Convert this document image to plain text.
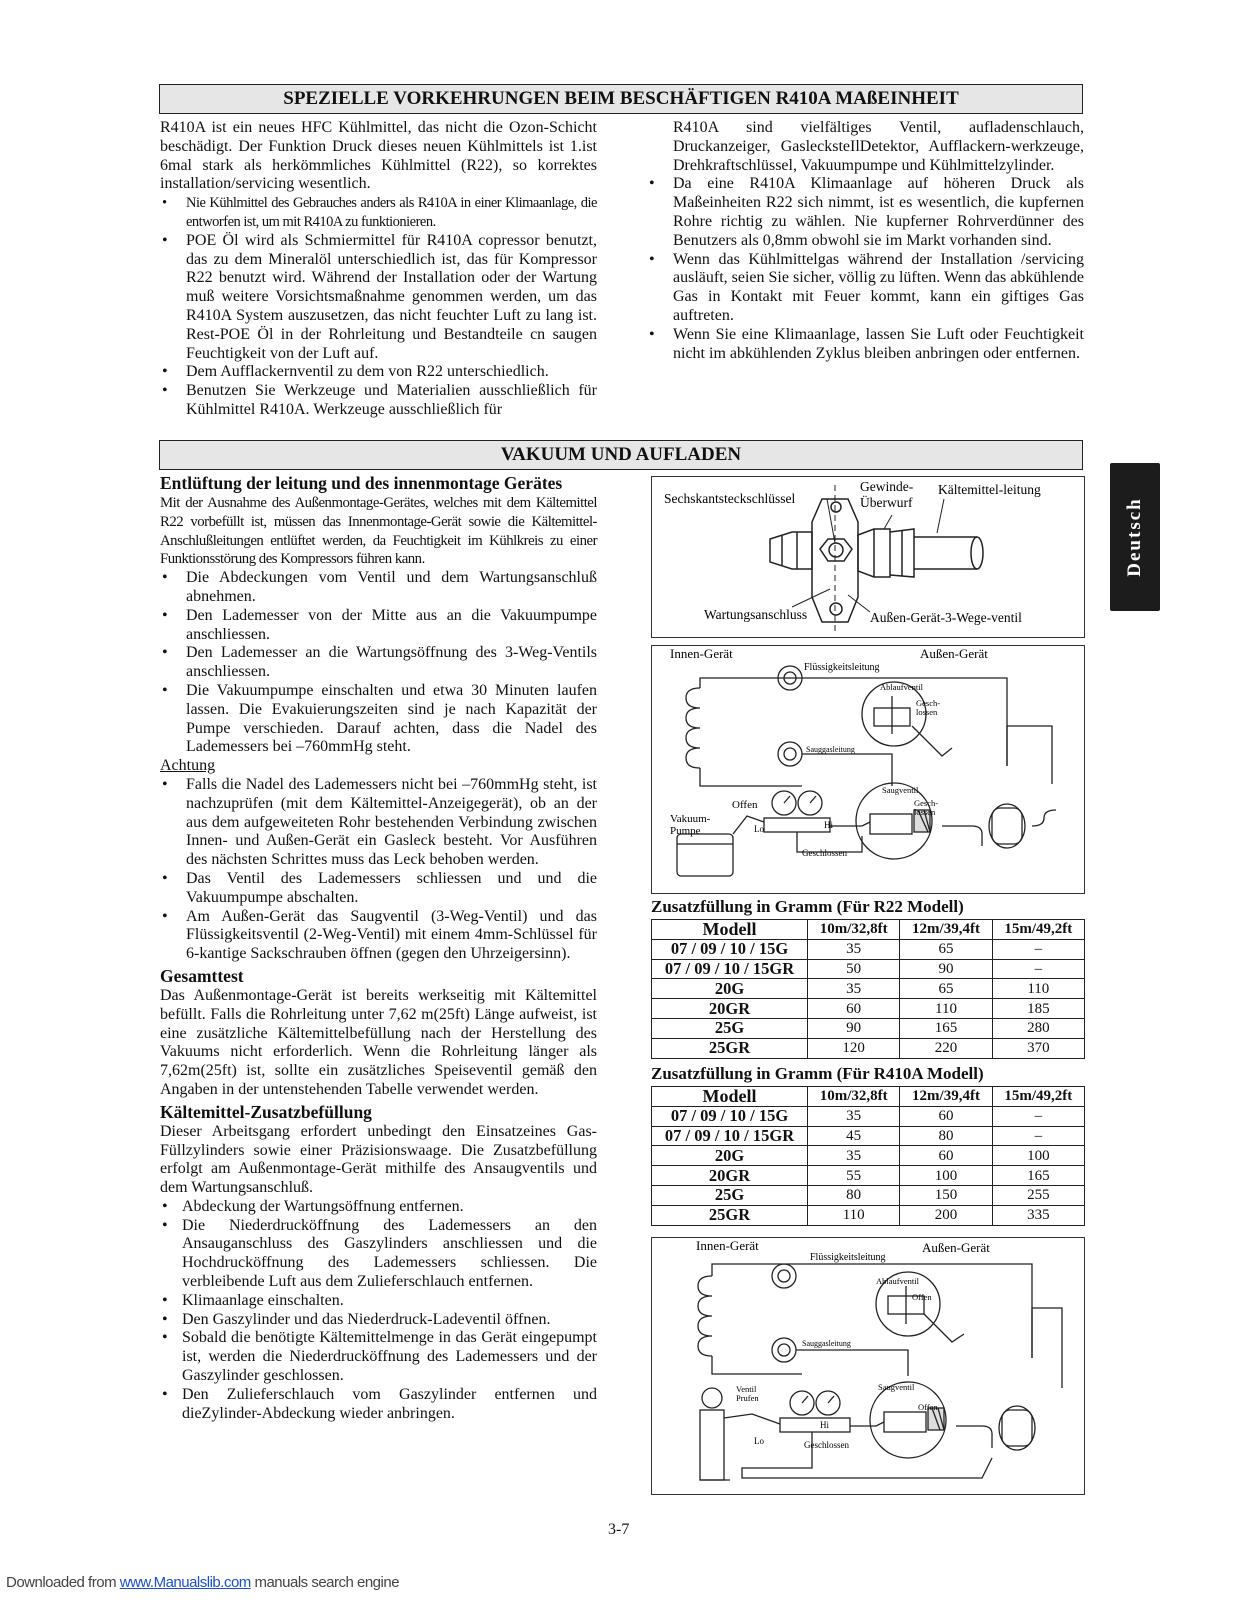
SPEZIELLE VORKEHRUNGEN BEIM BESCHÄFTIGEN R410A MAßEINHEIT

R410A ist ein neues HFC Kühlmittel, das nicht die Ozon-Schicht beschädigt. Der Funktion Druck dieses neuen Kühlmittels ist 1.ist 6mal stark als herkömmliches Kühlmittel (R22), so korrektes installation/servicing wesentlich.

• Nie Kühlmittel des Gebrauches anders als R410A in einer Klimaanlage, die entworfen ist, um mit R410A zu funktionieren.
• POE Öl wird als Schmiermittel für R410A copressor benutzt, das zu dem Mineralöl unterschiedlich ist, das für Kompressor R22 benutzt wird. Während der Installation oder der Wartung muß weitere Vorsichtsmaßnahme genommen werden, um das R410A System auszusetzen, das nicht feuchter Luft zu lang ist. Rest-POE Öl in der Rohrleitung und Bestandteile cn saugen Feuchtigkeit von der Luft auf.
• Dem Aufflackernventil zu dem von R22 unterschiedlich.
• Benutzen Sie Werkzeuge und Materialien ausschließlich für Kühlmittel R410A. Werkzeuge ausschließlich für

R410A sind vielfältiges Ventil, aufladenschlauch, Druckanzeiger, GaslecksteIlDetektor, Aufflackern-werkzeuge, Drehkraftschlüssel, Vakuumpumpe und Kühlmittelzylinder.

• Da eine R410A Klimaanlage auf höheren Druck als Maßeinheiten R22 sich nimmt, ist es wesentlich, die kupfernen Rohre richtig zu wählen. Nie kupferner Rohrverdünner des Benutzers als 0,8mm obwohl sie im Markt vorhanden sind.
• Wenn das Kühlmittelgas während der Installation /servicing ausläuft, seien Sie sicher, völlig zu lüften. Wenn das abkühlende Gas in Kontakt mit Feuer kommt, kann ein giftiges Gas auftreten.
• Wenn Sie eine Klimaanlage, lassen Sie Luft oder Feuchtigkeit nicht im abkühlenden Zyklus bleiben anbringen oder entfernen.
VAKUUM UND AUFLADEN
Deutsch

Entlüftung der leitung und des innenmontage Gerätes

Mit der Ausnahme des Außenmontage-Gerätes, welches mit dem Kältemittel R22 vorbefüllt ist, müssen das Innenmontage-Gerät sowie die Kältemittel-Anschlußleitungen entlüftet werden, da Feuchtigkeit im Kühlkreis zu einer Funktionsstörung des Kompressors führen kann.

• Die Abdeckungen vom Ventil und dem Wartungsanschluß abnehmen.
• Den Lademesser von der Mitte aus an die Vakuumpumpe anschliessen.
• Den Lademesser an die Wartungsöffnung des 3-Weg-Ventils anschliessen.
• Die Vakuumpumpe einschalten und etwa 30 Minuten laufen lassen. Die Evakuierungszeiten sind je nach Kapazität der Pumpe verschieden. Darauf achten, dass die Nadel des Lademessers bei –760mmHg steht.

Achtung

• Falls die Nadel des Lademessers nicht bei –760mmHg steht, ist nachzuprüfen (mit dem Kältemittel-Anzeigegerät), ob an der aus dem aufgeweiteten Rohr bestehenden Verbindung zwischen Innen- und Außen-Gerät ein Gasleck besteht. Vor Ausführen des nächsten Schrittes muss das Leck behoben werden.
• Das Ventil des Lademessers schliessen und und die Vakuumpumpe abschalten.
• Am Außen-Gerät das Saugventil (3-Weg-Ventil) und das Flüssigkeitsventil (2-Weg-Ventil) mit einem 4mm-Schlüssel für 6-kantige Sackschrauben öffnen (gegen den Uhrzeigersinn).

Gesamttest

Das Außenmontage-Gerät ist bereits werkseitig mit Kältemittel befüllt. Falls die Rohrleitung unter 7,62 m(25ft) Länge aufweist, ist eine zusätzliche Kältemittelbefüllung nach der Herstellung des Vakuums nicht erforderlich. Wenn die Rohrleitung länger als 7,62m(25ft) ist, sollte ein zusätzliches Speiseventil gemäß den Angaben in der untenstehenden Tabelle verwendet werden.

Kältemittel-Zusatzbefüllung

Dieser Arbeitsgang erfordert unbedingt den Einsatzeines Gas-Füllzylinders sowie einer Präzisionswaage. Die Zusatzbefüllung erfolgt am Außenmontage-Gerät mithilfe des Ansaugventils und dem Wartungsanschluß.

• Abdeckung der Wartungsöffnung entfernen.
• Die Niederdrucköffnung des Lademessers an den Ansauganschluss des Gaszylinders anschliessen und die Hochdrucköffnung des Lademessers schliessen. Die verbleibende Luft aus dem Zulieferschlauch entfernen.
• Klimaanlage einschalten.
• Den Gaszylinder und das Niederdruck-Ladeventil öffnen.
• Sobald die benötigte Kältemittelmenge in das Gerät eingepumpt ist, werden die Niederdrucköffnung des Lademessers und der Gaszylinder geschlossen.
• Den Zulieferschlauch vom Gaszylinder entfernen und dieZylinder-Abdeckung wieder anbringen.
Sechskantsteckschlüssel
Gewinde-
Überwurf
Kältemittel-leitung
Wartungsanschluss	Außen-Gerät-3-Wege-ventil
Innen-Gerät	Außen-Gerät
Flüssigkeitsleitung
Ablaufventil
Gesch-
lossen
Sauggasleitung
Saugventil
Gesch-
lossen
Offen
Vakuum-
Pumpe	Lo	Hi
Geschlossen
Zusatzfüllung in Gramm (Für R22 Modell)
Modell	10m/32,8ft	12m/39,4ft	15m/49,2ft
07 / 09 / 10 / 15G	35	65	–
07 / 09 / 10 / 15GR	50	90	–
20G	35	65	110
20GR	60	110	185
25G	90	165	280
25GR	120	220	370
Zusatzfüllung in Gramm (Für R410A Modell)
Modell	10m/32,8ft	12m/39,4ft	15m/49,2ft
07 / 09 / 10 / 15G	35	60	–
07 / 09 / 10 / 15GR	45	80	–
20G	35	60	100
20GR	55	100	165
25G	80	150	255
25GR	110	200	335
Innen-Gerät	Außen-Gerät
Flüssigkeitsleitung
Ablaufventil
Offen
Sauggasleitung
Saugventil
Offen
Ventil
Prufen
Lo
Hi
Geschlossen
3-7
Downloaded from www.Manualslib.com manuals search engine
